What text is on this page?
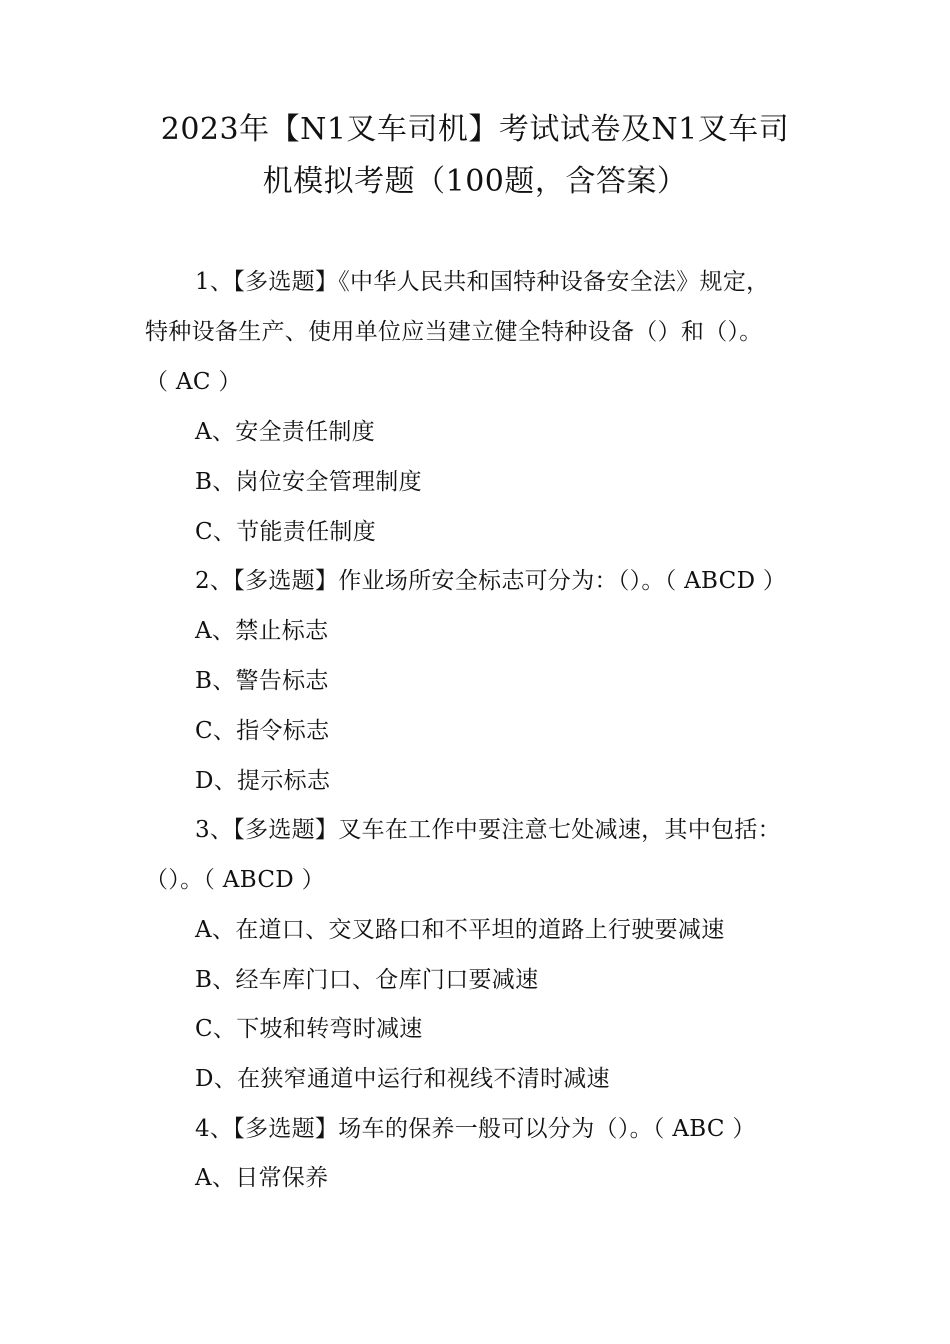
2023年【N1叉车司机】考试试卷及N1叉车司
机模拟考题（100题，含答案）
1、【多选题】《中华人民共和国特种设备安全法》规定，
特种设备生产、使用单位应当建立健全特种设备（）和（）。
（ AC ）
A、安全责任制度
B、岗位安全管理制度
C、节能责任制度
2、【多选题】作业场所安全标志可分为：（）。（ ABCD ）
A、禁止标志
B、警告标志
C、指令标志
D、提示标志
3、【多选题】叉车在工作中要注意七处减速，其中包括：
（）。（ ABCD ）
A、在道口、交叉路口和不平坦的道路上行驶要减速
B、经车库门口、仓库门口要减速
C、下坡和转弯时减速
D、在狭窄通道中运行和视线不清时减速
4、【多选题】场车的保养一般可以分为（）。（ ABC ）
A、日常保养
